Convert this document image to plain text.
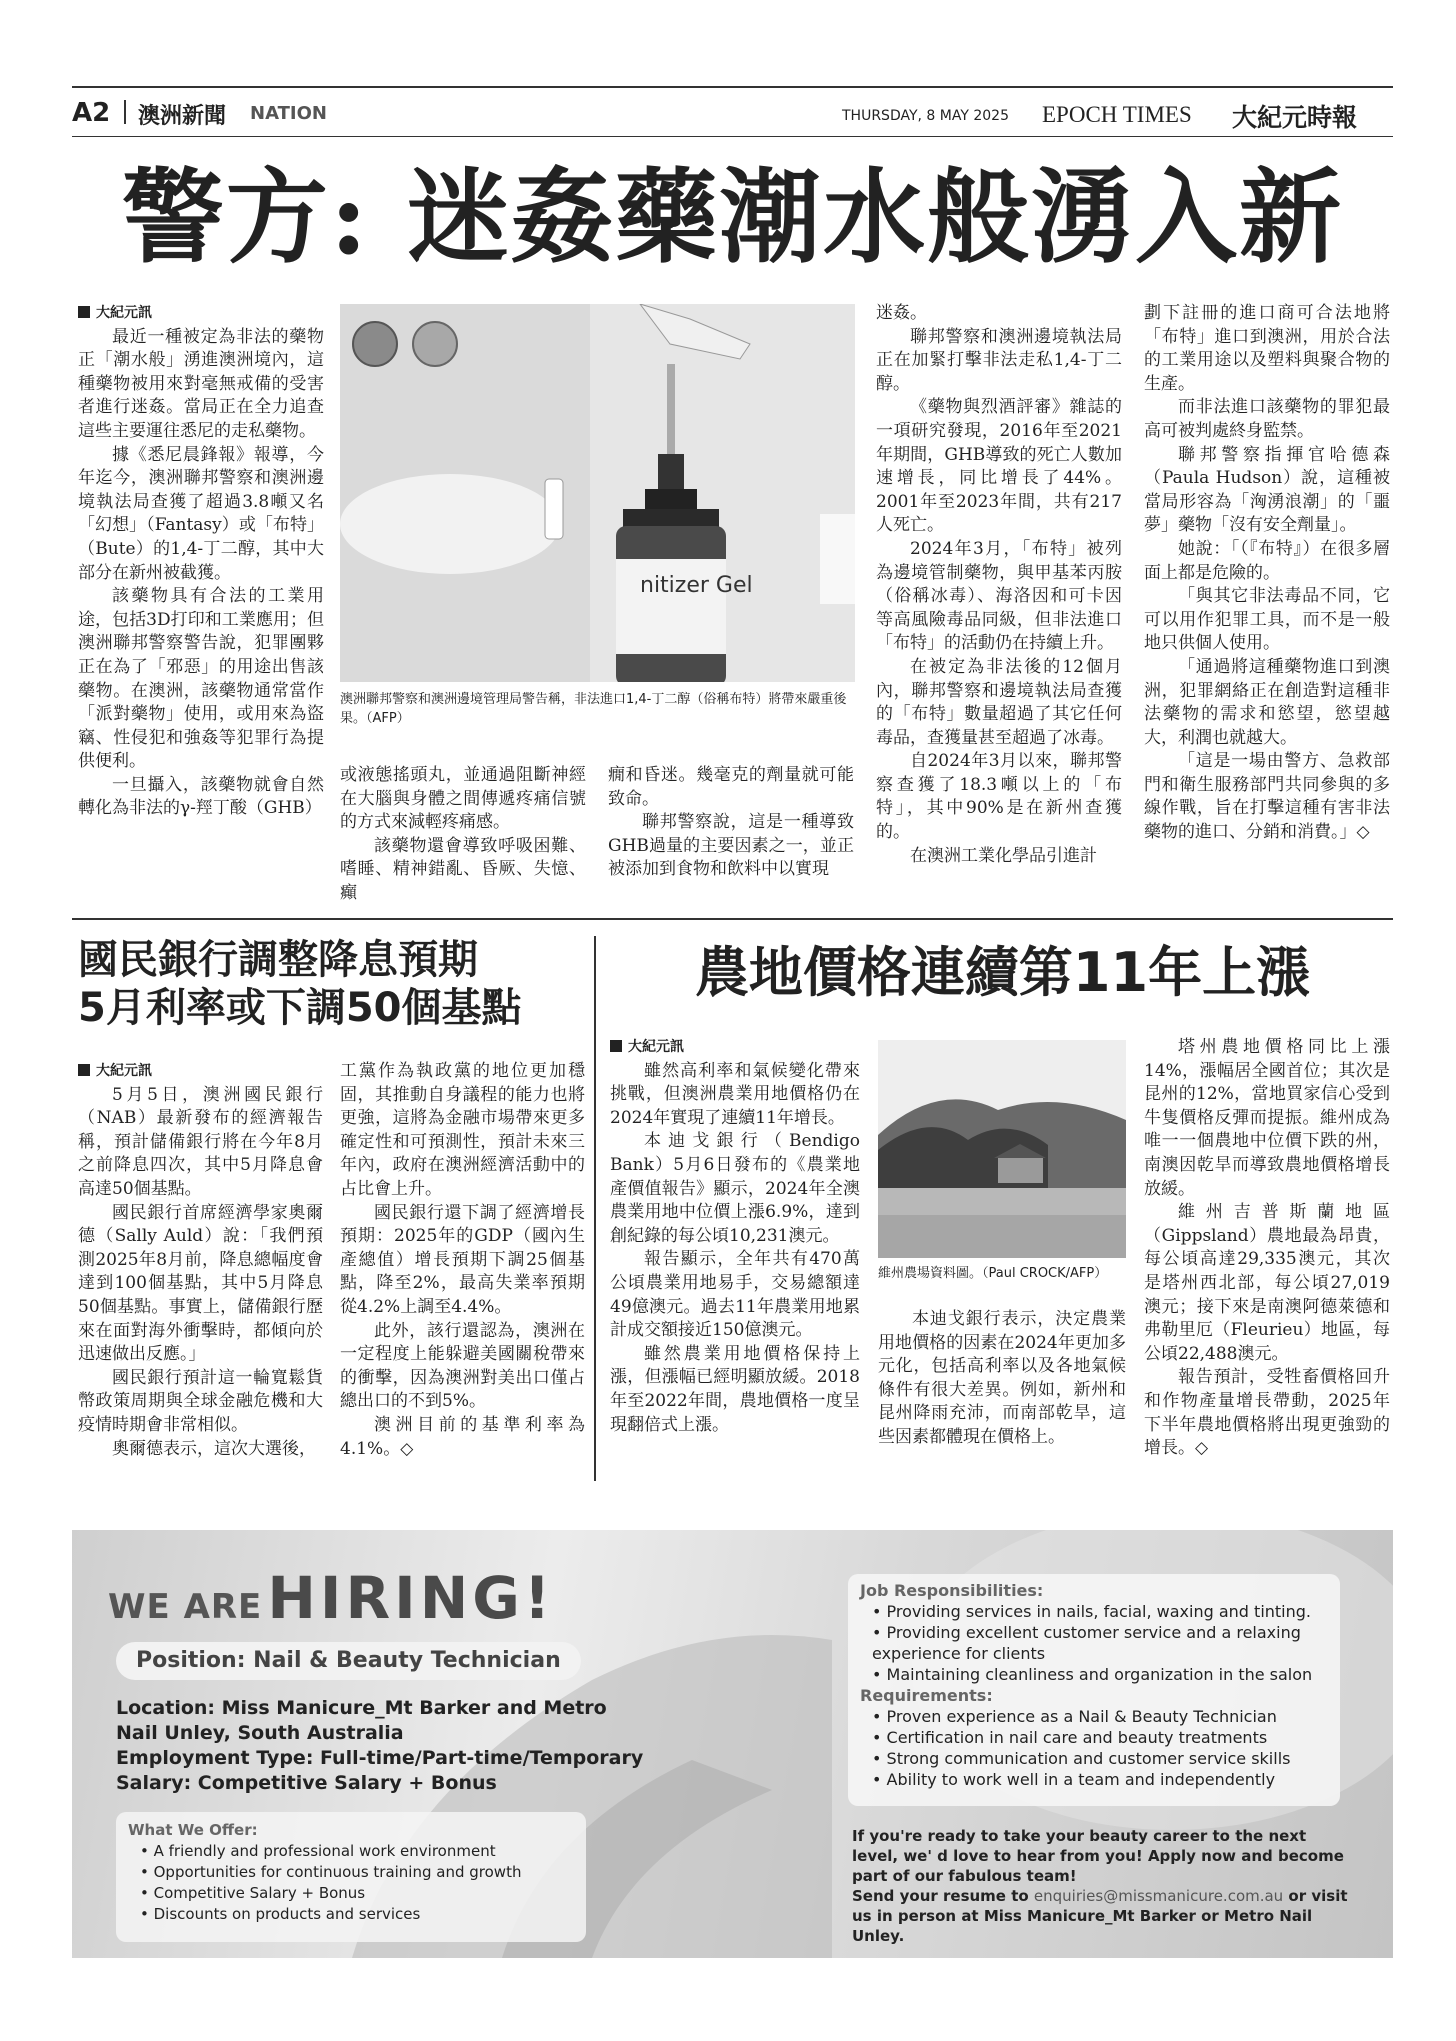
A2 澳洲新聞 NATION	THURSDAY, 8 MAY 2025 EPOCH TIMES 大紀元時報
警方: 迷姦藥潮水般湧入新

大紀元訊

最近一種被定為非法的藥物正「潮水般」湧進澳洲境內，這種藥物被用來對毫無戒備的受害者進行迷姦。當局正在全力追查這些主要運往悉尼的走私藥物。

據《悉尼晨鋒報》報導，今年迄今，澳洲聯邦警察和澳洲邊境執法局查獲了超過3.8噸又名「幻想」（Fantasy）或「布特」（Bute）的1,4-丁二醇，其中大部分在新州被截獲。

該藥物具有合法的工業用途，包括3D打印和工業應用；但澳洲聯邦警察警告說，犯罪團夥正在為了「邪惡」的用途出售該藥物。在澳洲，該藥物通常當作「派對藥物」使用，或用來為盜竊、性侵犯和強姦等犯罪行為提供便利。

一旦攝入，該藥物就會自然轉化為非法的γ-羥丁酸（GHB）

nitizer Gel
澳洲聯邦警察和澳洲邊境管理局警告稱，非法進口1,4-丁二醇（俗稱布特）將帶來嚴重後果。（AFP）

或液態搖頭丸，並通過阻斷神經在大腦與身體之間傳遞疼痛信號的方式來減輕疼痛感。

該藥物還會導致呼吸困難、嗜睡、精神錯亂、昏厥、失憶、癲

癇和昏迷。幾毫克的劑量就可能致命。

聯邦警察說，這是一種導致GHB過量的主要因素之一，並正被添加到食物和飲料中以實現

迷姦。

聯邦警察和澳洲邊境執法局正在加緊打擊非法走私1,4-丁二醇。

《藥物與烈酒評審》雜誌的一項研究發現，2016年至2021年期間，GHB導致的死亡人數加速增長，同比增長了44%。2001年至2023年間，共有217人死亡。

2024年3月，「布特」被列為邊境管制藥物，與甲基苯丙胺（俗稱冰毒）、海洛因和可卡因等高風險毒品同級，但非法進口「布特」的活動仍在持續上升。

在被定為非法後的12個月內，聯邦警察和邊境執法局查獲的「布特」數量超過了其它任何毒品，查獲量甚至超過了冰毒。

自2024年3月以來，聯邦警察查獲了18.3噸以上的「布特」，其中90%是在新州查獲的。

在澳洲工業化學品引進計

劃下註冊的進口商可合法地將「布特」進口到澳洲，用於合法的工業用途以及塑料與聚合物的生產。

而非法進口該藥物的罪犯最高可被判處終身監禁。

聯邦警察指揮官哈德森（Paula Hudson）說，這種被當局形容為「洶湧浪潮」的「噩夢」藥物「沒有安全劑量」。

她說：「（『布特』）在很多層面上都是危險的。

「與其它非法毒品不同，它可以用作犯罪工具，而不是一般地只供個人使用。

「通過將這種藥物進口到澳洲，犯罪網絡正在創造對這種非法藥物的需求和慾望，慾望越大，利潤也就越大。

「這是一場由警方、急救部門和衛生服務部門共同參與的多線作戰，旨在打擊這種有害非法藥物的進口、分銷和消費。」◇

國民銀行調整降息預期
5月利率或下調50個基點

大紀元訊

5月5日，澳洲國民銀行（NAB）最新發布的經濟報告稱，預計儲備銀行將在今年8月之前降息四次，其中5月降息會高達50個基點。

國民銀行首席經濟學家奧爾德（Sally Auld）說：「我們預測2025年8月前，降息總幅度會達到100個基點，其中5月降息50個基點。事實上，儲備銀行歷來在面對海外衝擊時，都傾向於迅速做出反應。」

國民銀行預計這一輪寬鬆貨幣政策周期與全球金融危機和大疫情時期會非常相似。

奧爾德表示，這次大選後，

工黨作為執政黨的地位更加穩固，其推動自身議程的能力也將更強，這將為金融市場帶來更多確定性和可預測性，預計未來三年內，政府在澳洲經濟活動中的占比會上升。

國民銀行還下調了經濟增長預期：2025年的GDP（國內生產總值）增長預期下調25個基點，降至2%，最高失業率預期從4.2%上調至4.4%。

此外，該行還認為，澳洲在一定程度上能躲避美國關稅帶來的衝擊，因為澳洲對美出口僅占總出口的不到5%。

澳洲目前的基準利率為4.1%。◇

農地價格連續第11年上漲

大紀元訊

雖然高利率和氣候變化帶來挑戰，但澳洲農業用地價格仍在2024年實現了連續11年增長。

本迪戈銀行（Bendigo Bank）5月6日發布的《農業地產價值報告》顯示，2024年全澳農業用地中位價上漲6.9%，達到創紀錄的每公頃10,231澳元。

報告顯示，全年共有470萬公頃農業用地易手，交易總額達49億澳元。過去11年農業用地累計成交額接近150億澳元。

雖然農業用地價格保持上漲，但漲幅已經明顯放緩。2018年至2022年間，農地價格一度呈現翻倍式上漲。

維州農場資料圖。（Paul CROCK/AFP）

本迪戈銀行表示，決定農業用地價格的因素在2024年更加多元化，包括高利率以及各地氣候條件有很大差異。例如，新州和昆州降雨充沛，而南部乾旱，這些因素都體現在價格上。

塔州農地價格同比上漲14%，漲幅居全國首位；其次是昆州的12%，當地買家信心受到牛隻價格反彈而提振。維州成為唯一一個農地中位價下跌的州，南澳因乾旱而導致農地價格增長放緩。

維州吉普斯蘭地區（Gippsland）農地最為昂貴，每公頃高達29,335澳元，其次是塔州西北部，每公頃27,019澳元；接下來是南澳阿德萊德和弗勒里厄（Fleurieu）地區，每公頃22,488澳元。

報告預計，受牲畜價格回升和作物產量增長帶動，2025年下半年農地價格將出現更強勁的增長。◇

WE ARE HIRING!
Position: Nail & Beauty Technician
Location: Miss Manicure_Mt Barker and Metro
Nail Unley, South Australia
Employment Type: Full-time/Part-time/Temporary
Salary: Competitive Salary + Bonus
What We Offer:
• A friendly and professional work environment
• Opportunities for continuous training and growth
• Competitive Salary + Bonus
• Discounts on products and services
Job Responsibilities:
• Providing services in nails, facial, waxing and tinting.
• Providing excellent customer service and a relaxing experience for clients
• Maintaining cleanliness and organization in the salon
Requirements:
• Proven experience as a Nail & Beauty Technician
• Certification in nail care and beauty treatments
• Strong communication and customer service skills
• Ability to work well in a team and independently
If you're ready to take your beauty career to the next level, we' d love to hear from you! Apply now and become part of our fabulous team!
Send your resume to enquiries@missmanicure.com.au or visit us in person at Miss Manicure_Mt Barker or Metro Nail Unley.
